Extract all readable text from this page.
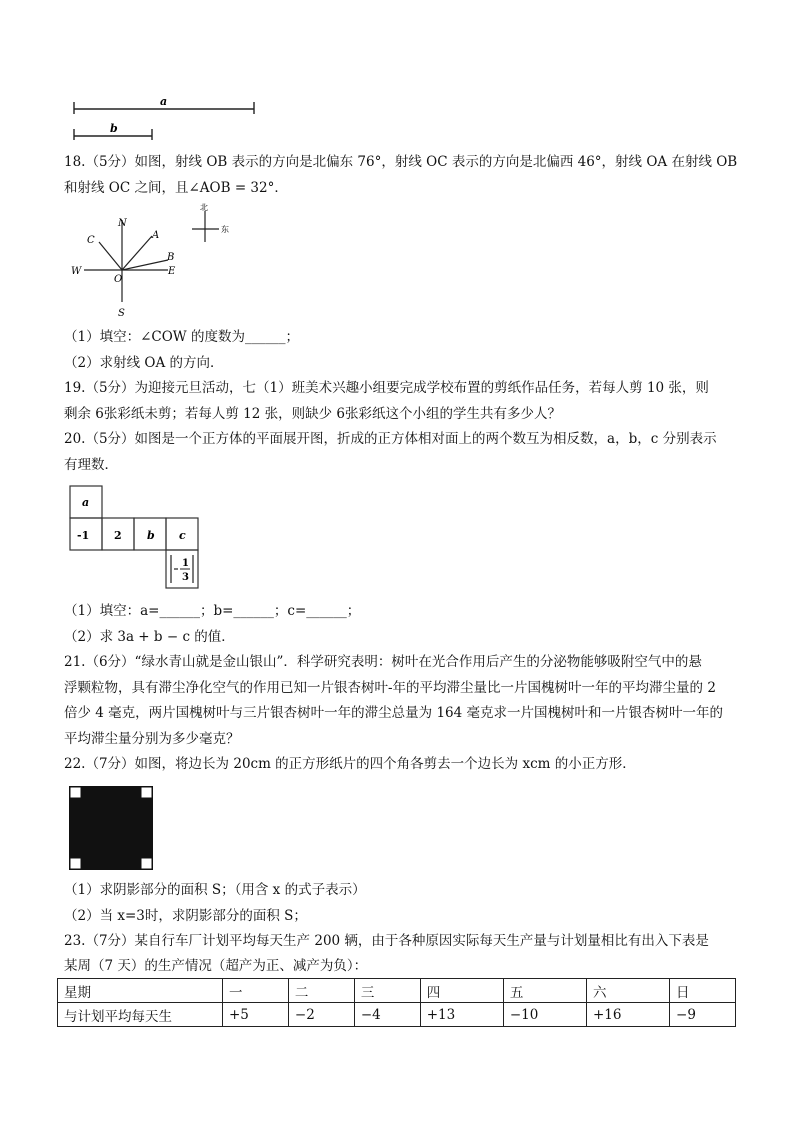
a
b
18.（5分）如图，射线 OB 表示的方向是北偏东 76°，射线 OC 表示的方向是北偏西 46°，射线 OA 在射线 OB
和射线 OC 之间，且∠AOB = 32°．
N
C	A
B
W
O
E
S
北
东
（1）填空：∠COW 的度数为______；
（2）求射线 OA 的方向．
19.（5分）为迎接元旦活动，七（1）班美术兴趣小组要完成学校布置的剪纸作品任务，若每人剪 10 张，则
剩余 6张彩纸未剪；若每人剪 12 张，则缺少 6张彩纸这个小组的学生共有多少人？
20.（5分）如图是一个正方体的平面展开图，折成的正方体相对面上的两个数互为相反数，a，b，c 分别表示
有理数．
a
-1 2 b c
1
3
（1）填空：a=______；b=______；c=______；
（2）求 3a + b − c 的值．
21.（6分）“绿水青山就是金山银山”．科学研究表明：树叶在光合作用后产生的分泌物能够吸附空气中的悬
浮颗粒物，具有滞尘净化空气的作用已知一片银杏树叶-年的平均滞尘量比一片国槐树叶一年的平均滞尘量的 2
倍少 4 毫克，两片国槐树叶与三片银杏树叶一年的滞尘总量为 164 毫克求一片国槐树叶和一片银杏树叶一年的
平均滞尘量分别为多少毫克？
22.（7分）如图，将边长为 20cm 的正方形纸片的四个角各剪去一个边长为 xcm 的小正方形．
（1）求阴影部分的面积 S；（用含 x 的式子表示）
（2）当 x=3时，求阴影部分的面积 S；
23.（7分）某自行车厂计划平均每天生产 200 辆，由于各种原因实际每天生产量与计划量相比有出入下表是
某周（7 天）的生产情况（超产为正、减产为负）：
星期	一	二	三	四	五	六	日
与计划平均每天生	+5	−2	−4	+13	−10	+16	−9
